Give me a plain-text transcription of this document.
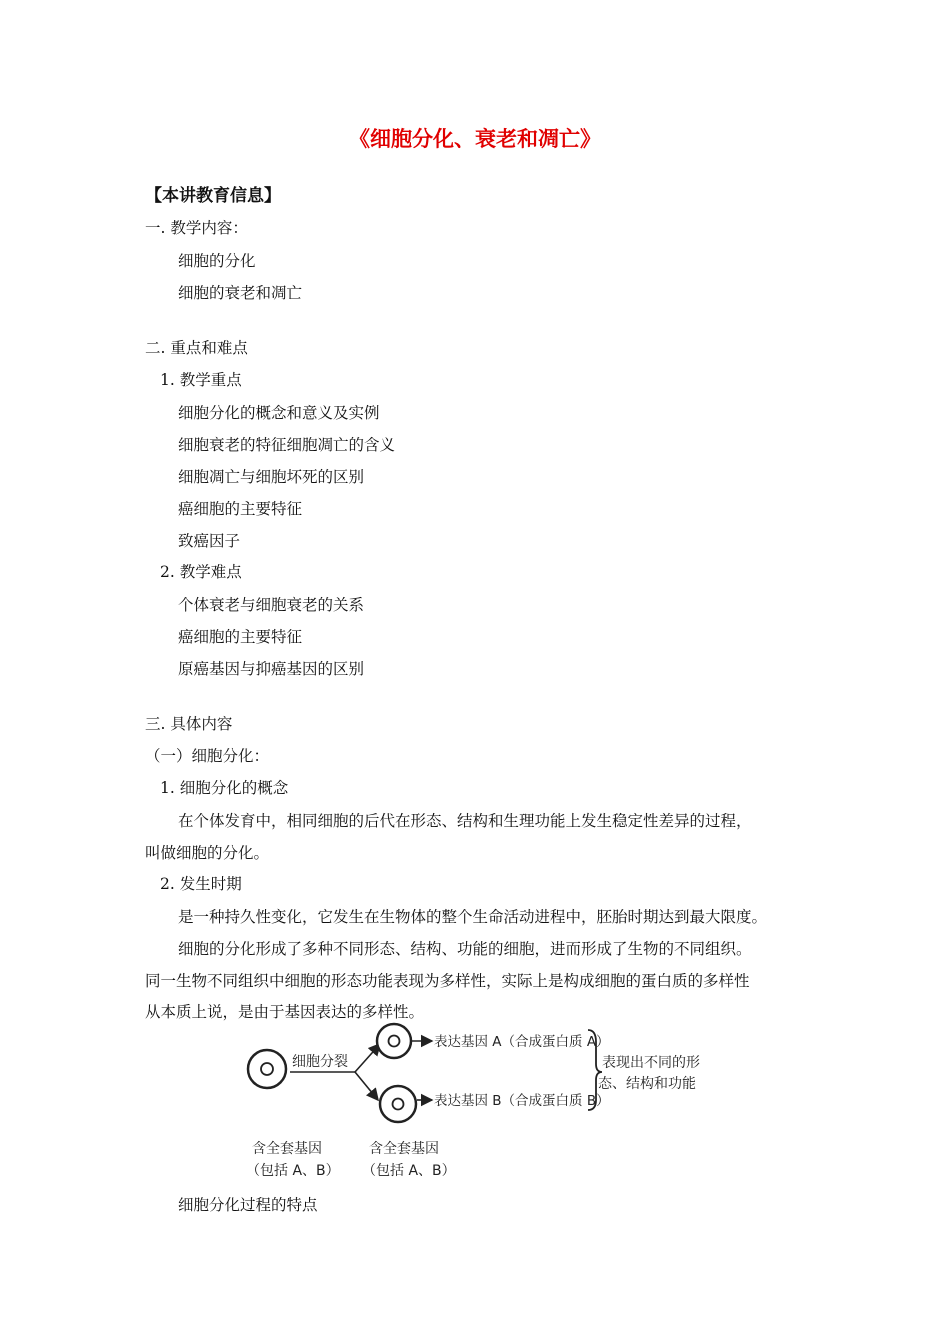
《细胞分化、衰老和凋亡》
【本讲教育信息】
一. 教学内容：
细胞的分化
细胞的衰老和凋亡
二. 重点和难点
1. 教学重点
细胞分化的概念和意义及实例
细胞衰老的特征细胞凋亡的含义
细胞凋亡与细胞坏死的区别
癌细胞的主要特征
致癌因子
2. 教学难点
个体衰老与细胞衰老的关系
癌细胞的主要特征
原癌基因与抑癌基因的区别
三. 具体内容
（一）细胞分化：
1. 细胞分化的概念
在个体发育中，相同细胞的后代在形态、结构和生理功能上发生稳定性差异的过程，
叫做细胞的分化。
2. 发生时期
是一种持久性变化，它发生在生物体的整个生命活动进程中，胚胎时期达到最大限度。
细胞的分化形成了多种不同形态、结构、功能的细胞，进而形成了生物的不同组织。
同一生物不同组织中细胞的形态功能表现为多样性，实际上是构成细胞的蛋白质的多样性
从本质上说，是由于基因表达的多样性。
细胞分裂
表达基因 A（合成蛋白质 A）
表达基因 B（合成蛋白质 B）
表现出不同的形
态、结构和功能
含全套基因
（包括 A、B）
含全套基因
（包括 A、B）
细胞分化过程的特点
